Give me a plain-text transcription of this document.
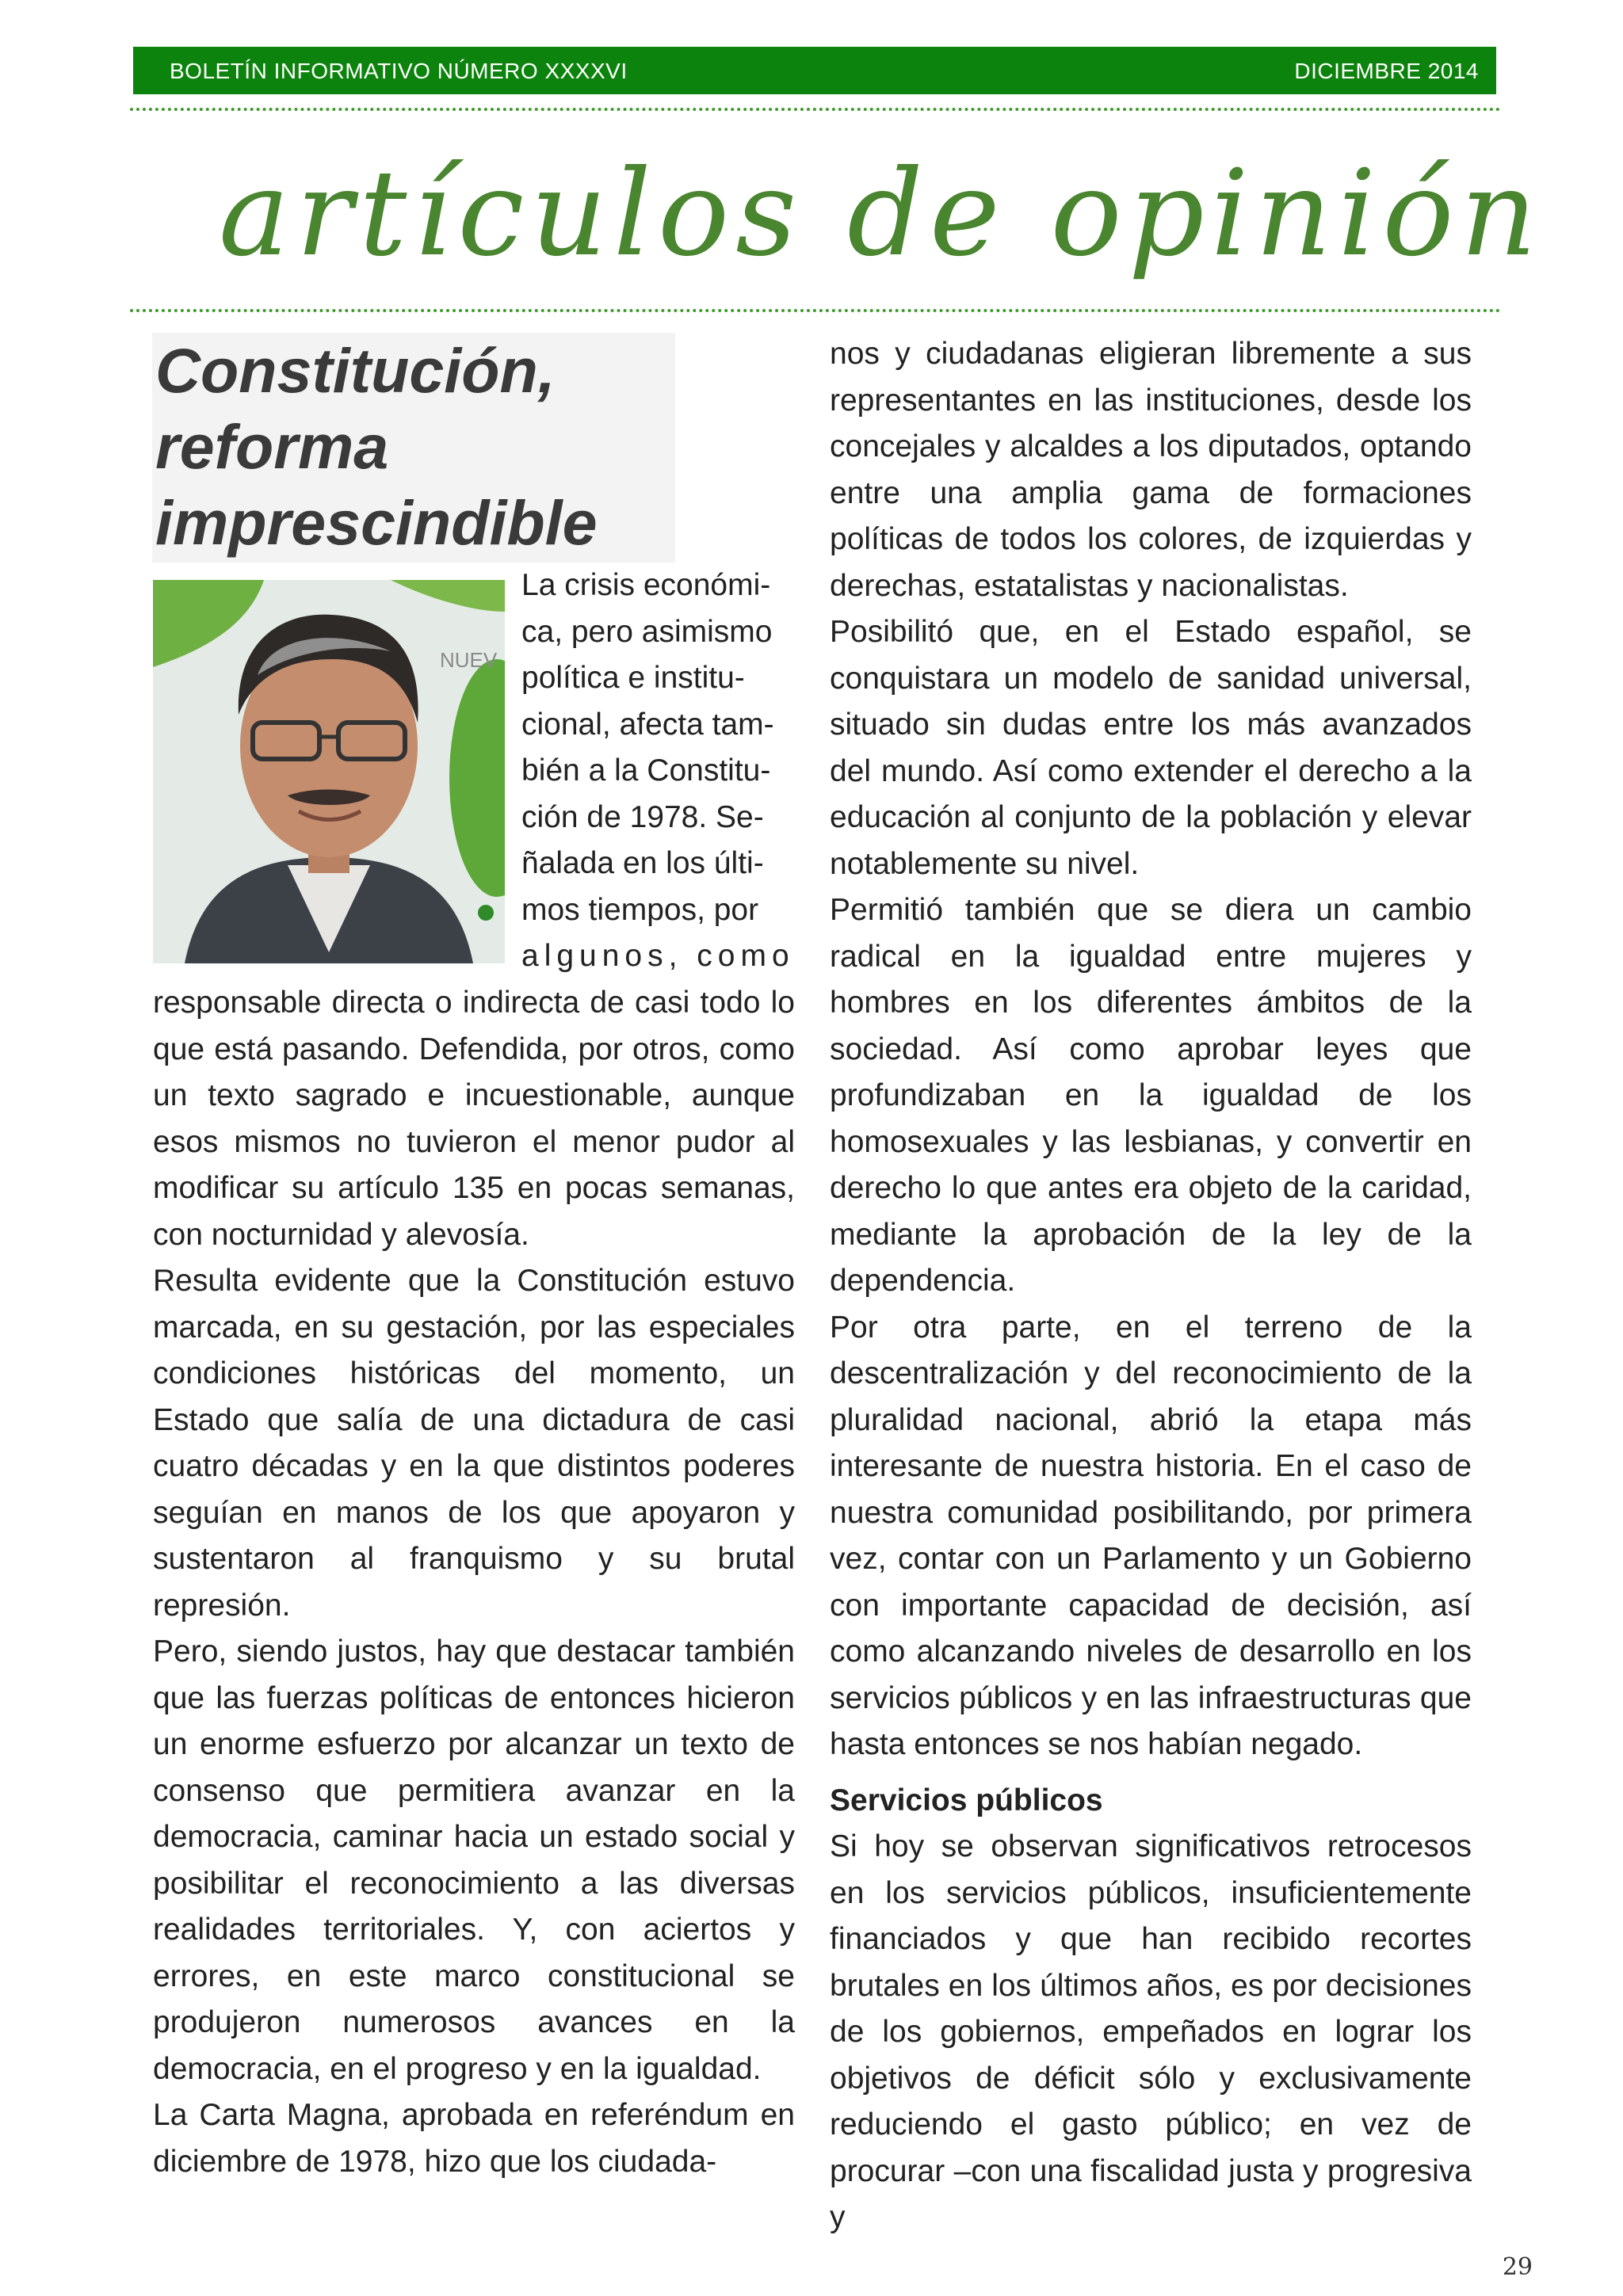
BOLETÍN INFORMATIVO NÚMERO XXXXVI	DICIEMBRE 2014
artículos de opinión
Constitución, reforma imprescindible
NUEV
La crisis económi-
ca, pero asimismo
política e institu-
cional, afecta tam-
bién a la Constitu-
ción de 1978. Se-
ñalada en los últi-
mos tiempos, por
algunos, como

responsable directa o indirecta de casi todo lo que está pasando. Defendida, por otros, como un texto sagrado e incuestionable, aunque esos mismos no tuvieron el menor pudor al modificar su artículo 135 en pocas semanas, con nocturnidad y alevosía.

Resulta evidente que la Constitución estuvo marcada, en su gestación, por las especiales condiciones históricas del momento, un Estado que salía de una dictadura de casi cuatro décadas y en la que distintos poderes seguían en manos de los que apoyaron y sustentaron al franquismo y su brutal represión.

Pero, siendo justos, hay que destacar también que las fuerzas políticas de entonces hicieron un enorme esfuerzo por alcanzar un texto de consenso que permitiera avanzar en la democracia, caminar hacia un estado social y posibilitar el reconocimiento a las diversas realidades territoriales. Y, con aciertos y errores, en este marco constitucional se produjeron numerosos avances en la democracia, en el progreso y en la igualdad.

La Carta Magna, aprobada en referéndum en diciembre de 1978, hizo que los ciudada-

nos y ciudadanas eligieran libremente a sus representantes en las instituciones, desde los concejales y alcaldes a los diputados, optando entre una amplia gama de formaciones políticas de todos los colores, de izquierdas y derechas, estatalistas y nacionalistas.

Posibilitó que, en el Estado español, se conquistara un modelo de sanidad universal, situado sin dudas entre los más avanzados del mundo. Así como extender el derecho a la educación al conjunto de la población y elevar notablemente su nivel.

Permitió también que se diera un cambio radical en la igualdad entre mujeres y hombres en los diferentes ámbitos de la sociedad. Así como aprobar leyes que profundizaban en la igualdad de los homosexuales y las lesbianas, y convertir en derecho lo que antes era objeto de la caridad, mediante la aprobación de la ley de la dependencia.

Por otra parte, en el terreno de la descentralización y del reconocimiento de la pluralidad nacional, abrió la etapa más interesante de nuestra historia. En el caso de nuestra comunidad posibilitando, por primera vez, contar con un Parlamento y un Gobierno con importante capacidad de decisión, así como alcanzando niveles de desarrollo en los servicios públicos y en las infraestructuras que hasta entonces se nos habían negado.

Servicios públicos

Si hoy se observan significativos retrocesos en los servicios públicos, insuficientemente financiados y que han recibido recortes brutales en los últimos años, es por decisiones de los gobiernos, empeñados en lograr los objetivos de déficit sólo y exclusivamente reduciendo el gasto público; en vez de procurar –con una fiscalidad justa y progresiva y

29
